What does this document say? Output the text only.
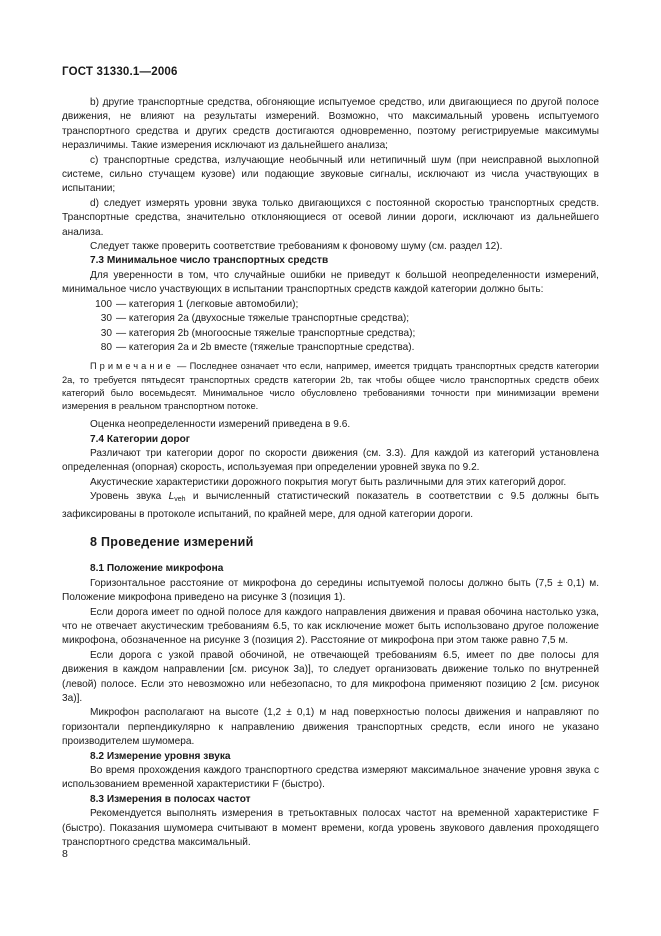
ГОСТ 31330.1—2006

b) другие транспортные средства, обгоняющие испытуемое средство, или двигающиеся по другой полосе движения, не влияют на результаты измерений. Возможно, что максимальный уровень испытуемого транспортного средства и других средств достигаются одновременно, поэтому регистрируемые максимумы неразличимы. Такие измерения исключают из дальнейшего анализа;

c) транспортные средства, излучающие необычный или нетипичный шум (при неисправной выхлопной системе, сильно стучащем кузове) или подающие звуковые сигналы, исключают из числа участвующих в испытании;

d) следует измерять уровни звука только двигающихся с постоянной скоростью транспортных средств. Транспортные средства, значительно отклоняющиеся от осевой линии дороги, исключают из дальнейшего анализа.

Следует также проверить соответствие требованиям к фоновому шуму (см. раздел 12).

7.3 Минимальное число транспортных средств

Для уверенности в том, что случайные ошибки не приведут к большой неопределенности измерений, минимальное число участвующих в испытании транспортных средств каждой категории должно быть:

100 — категория 1 (легковые автомобили);
30 — категория 2а (двухосные тяжелые транспортные средства);
30 — категория 2b (многоосные тяжелые транспортные средства);
80 — категория 2а и 2b вместе (тяжелые транспортные средства).

Примечание — Последнее означает что если, например, имеется тридцать транспортных средств категории 2а, то требуется пятьдесят транспортных средств категории 2b, так чтобы общее число транспортных средств обеих категорий было восемьдесят. Минимальное число обусловлено требованиями точности при минимизации времени измерения в реальном транспортном потоке.

Оценка неопределенности измерений приведена в 9.6.

7.4 Категории дорог

Различают три категории дорог по скорости движения (см. 3.3). Для каждой из категорий установлена определенная (опорная) скорость, используемая при определении уровней звука по 9.2.

Акустические характеристики дорожного покрытия могут быть различными для этих категорий дорог.

Уровень звука $L_{veh}$ и вычисленный статистический показатель в соответствии с 9.5 должны быть зафиксированы в протоколе испытаний, по крайней мере, для одной категории дороги.

8 Проведение измерений

8.1 Положение микрофона

Горизонтальное расстояние от микрофона до середины испытуемой полосы должно быть (7,5 ± 0,1) м. Положение микрофона приведено на рисунке 3 (позиция 1).

Если дорога имеет по одной полосе для каждого направления движения и правая обочина настолько узка, что не отвечает акустическим требованиям 6.5, то как исключение может быть использовано другое положение микрофона, обозначенное на рисунке 3 (позиция 2). Расстояние от микрофона при этом также равно 7,5 м.

Если дорога с узкой правой обочиной, не отвечающей требованиям 6.5, имеет по две полосы для движения в каждом направлении [см. рисунок 3а)], то следует организовать движение только по внутренней (левой) полосе. Если это невозможно или небезопасно, то для микрофона применяют позицию 2 [см. рисунок 3а)].

Микрофон располагают на высоте (1,2 ± 0,1) м над поверхностью полосы движения и направляют по горизонтали перпендикулярно к направлению движения транспортных средств, если иного не указано производителем шумомера.

8.2 Измерение уровня звука

Во время прохождения каждого транспортного средства измеряют максимальное значение уровня звука с использованием временной характеристики F (быстро).

8.3 Измерения в полосах частот

Рекомендуется выполнять измерения в третьоктавных полосах частот на временной характеристике F (быстро). Показания шумомера считывают в момент времени, когда уровень звукового давления проходящего транспортного средства максимальный.

8
